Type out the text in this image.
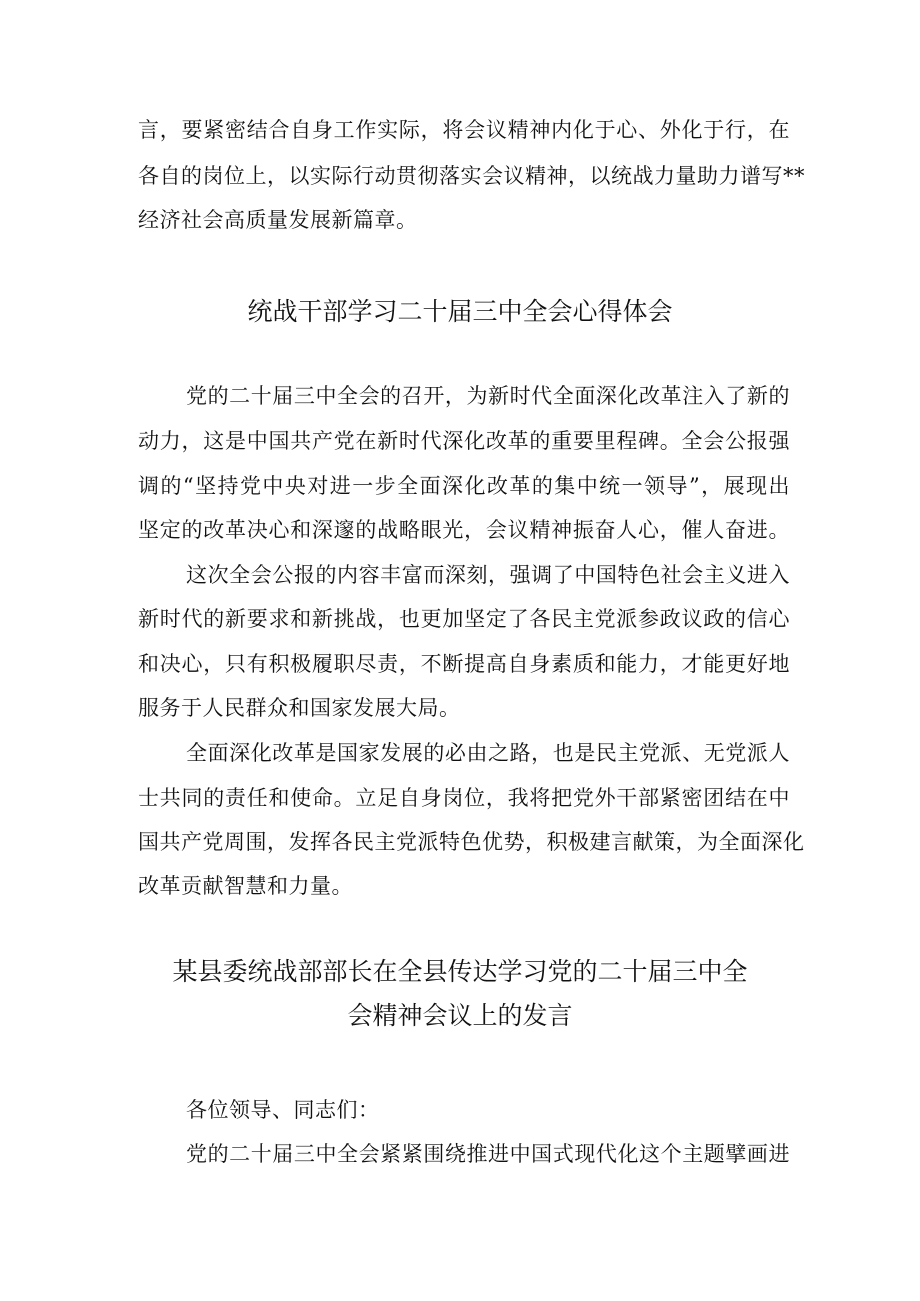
言，要紧密结合自身工作实际，将会议精神内化于心、外化于行，在
各自的岗位上，以实际行动贯彻落实会议精神，以统战力量助力谱写**
经济社会高质量发展新篇章。
统战干部学习二十届三中全会心得体会
党的二十届三中全会的召开，为新时代全面深化改革注入了新的
动力，这是中国共产党在新时代深化改革的重要里程碑。全会公报强
调的“坚持党中央对进一步全面深化改革的集中统一领导”，展现出
坚定的改革决心和深邃的战略眼光，会议精神振奋人心，催人奋进。
这次全会公报的内容丰富而深刻，强调了中国特色社会主义进入
新时代的新要求和新挑战，也更加坚定了各民主党派参政议政的信心
和决心，只有积极履职尽责，不断提高自身素质和能力，才能更好地
服务于人民群众和国家发展大局。
全面深化改革是国家发展的必由之路，也是民主党派、无党派人
士共同的责任和使命。立足自身岗位，我将把党外干部紧密团结在中
国共产党周围，发挥各民主党派特色优势，积极建言献策，为全面深化
改革贡献智慧和力量。
某县委统战部部长在全县传达学习党的二十届三中全
会精神会议上的发言
各位领导、同志们：
党的二十届三中全会紧紧围绕推进中国式现代化这个主题擘画进
